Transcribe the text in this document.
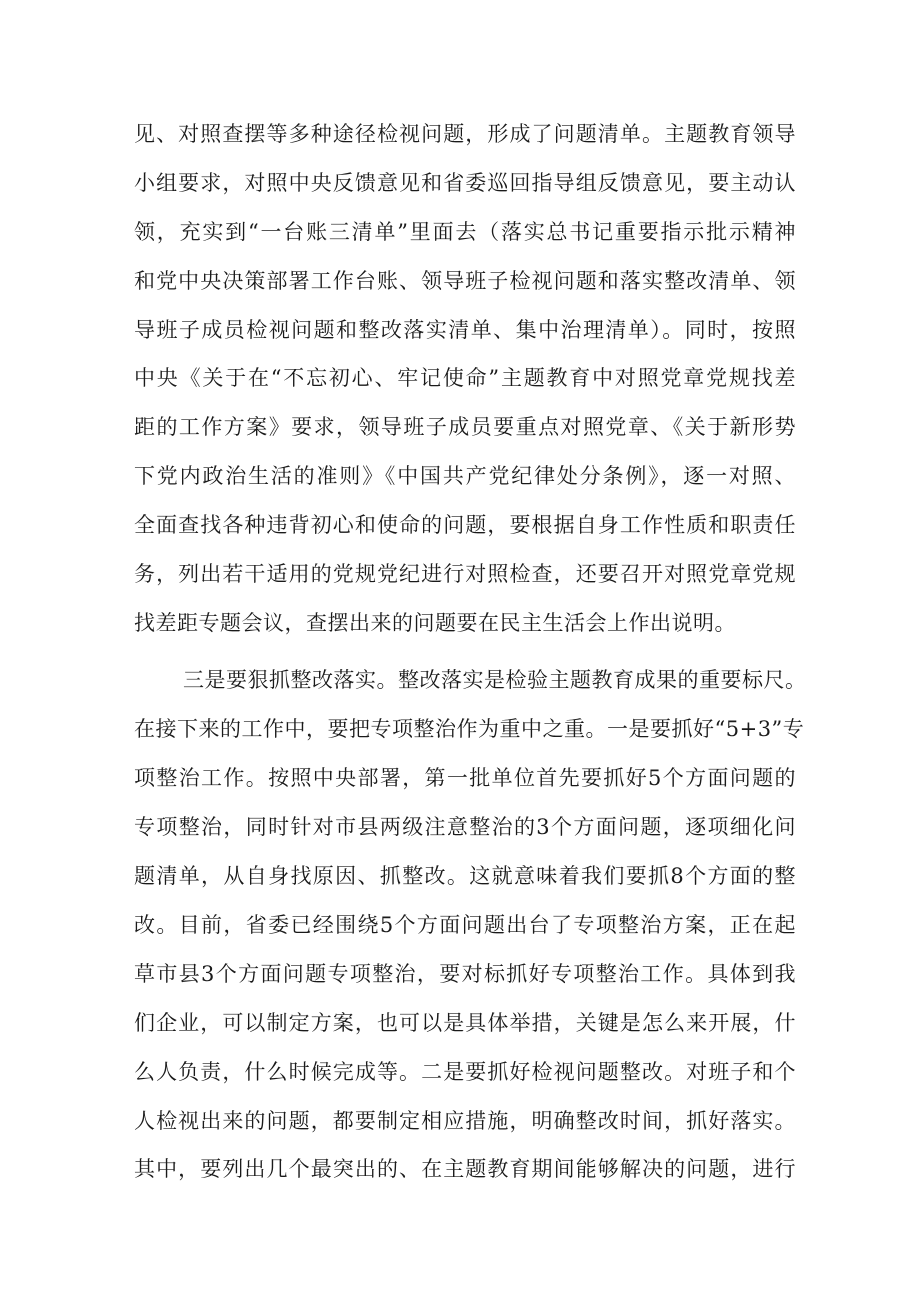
见、对照查摆等多种途径检视问题，形成了问题清单。主题教育领导
小组要求，对照中央反馈意见和省委巡回指导组反馈意见，要主动认
领，充实到“一台账三清单”里面去（落实总书记重要指示批示精神
和党中央决策部署工作台账、领导班子检视问题和落实整改清单、领
导班子成员检视问题和整改落实清单、集中治理清单）。同时，按照
中央《关于在“不忘初心、牢记使命”主题教育中对照党章党规找差
距的工作方案》要求，领导班子成员要重点对照党章、《关于新形势
下党内政治生活的准则》《中国共产党纪律处分条例》，逐一对照、
全面查找各种违背初心和使命的问题，要根据自身工作性质和职责任
务，列出若干适用的党规党纪进行对照检查，还要召开对照党章党规
找差距专题会议，查摆出来的问题要在民主生活会上作出说明。
三是要狠抓整改落实。整改落实是检验主题教育成果的重要标尺。
在接下来的工作中，要把专项整治作为重中之重。一是要抓好“5+3”专
项整治工作。按照中央部署，第一批单位首先要抓好5个方面问题的
专项整治，同时针对市县两级注意整治的3个方面问题，逐项细化问
题清单，从自身找原因、抓整改。这就意味着我们要抓8个方面的整
改。目前，省委已经围绕5个方面问题出台了专项整治方案，正在起
草市县3个方面问题专项整治，要对标抓好专项整治工作。具体到我
们企业，可以制定方案，也可以是具体举措，关键是怎么来开展，什
么人负责，什么时候完成等。二是要抓好检视问题整改。对班子和个
人检视出来的问题，都要制定相应措施，明确整改时间，抓好落实。
其中，要列出几个最突出的、在主题教育期间能够解决的问题，进行
